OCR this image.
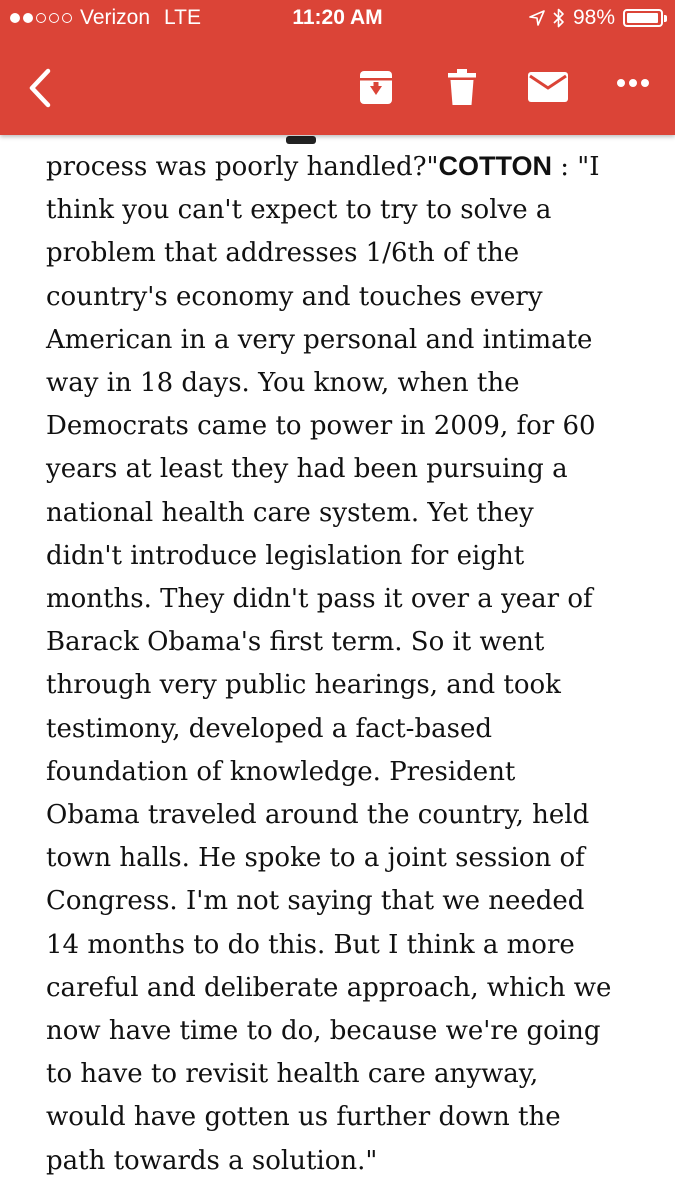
Verizon LTE	11:20 AM	98%

process was poorly handled?"COTTON : "I
think you can't expect to try to solve a
problem that addresses 1/6th of the
country's economy and touches every
American in a very personal and intimate
way in 18 days. You know, when the
Democrats came to power in 2009, for 60
years at least they had been pursuing a
national health care system. Yet they
didn't introduce legislation for eight
months. They didn't pass it over a year of
Barack Obama's first term. So it went
through very public hearings, and took
testimony, developed a fact-based
foundation of knowledge. President
Obama traveled around the country, held
town halls. He spoke to a joint session of
Congress. I'm not saying that we needed
14 months to do this. But I think a more
careful and deliberate approach, which we
now have time to do, because we're going
to have to revisit health care anyway,
would have gotten us further down the
path towards a solution."
